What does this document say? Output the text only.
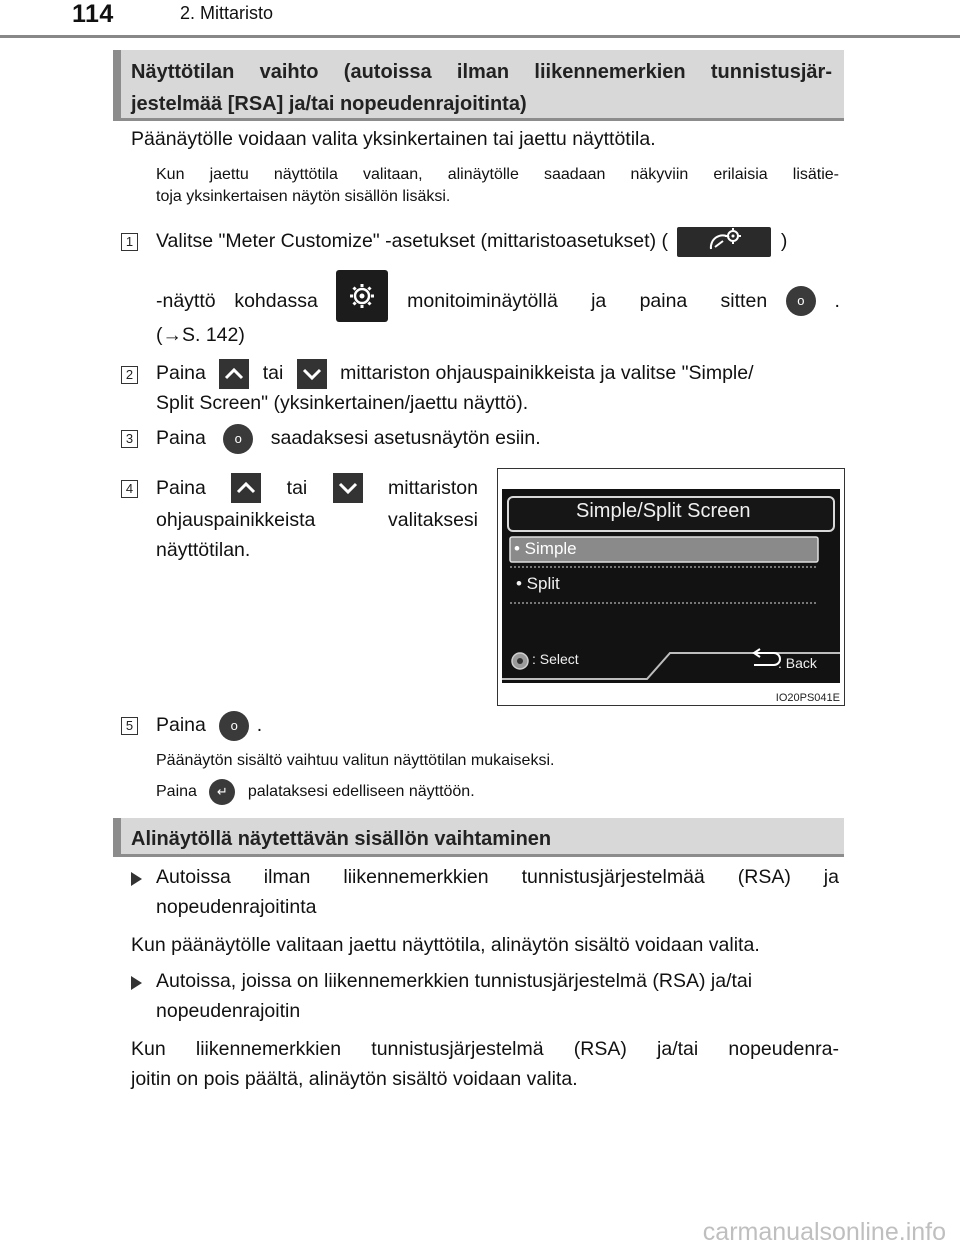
114	2. Mittaristo
Näyttötilan vaihto (autoissa ilman liikennemerkien tunnistusjär-
jestelmää [RSA] ja/tai nopeudenrajoitinta)
Päänäytölle voidaan valita yksinkertainen tai jaettu näyttötila.
Kun jaettu näyttötila valitaan, alinäytölle saadaan näkyviin erilaisia lisätie-
toja yksinkertaisen näytön sisällön lisäksi.
1 Valitse "Meter Customize" -asetukset (mittaristoasetukset) (	)
-näyttö kohdassa	monitoiminäytöllä ja paina sitten	o	.
(→S. 142)
2 Paina	tai	mittariston ohjauspainikkeista ja valitse "Simple/
Split Screen" (yksinkertainen/jaettu näyttö).
3 Paina o saadaksesi asetusnäytön esiin.
4 Paina	tai	mittariston
ohjauspainikkeista valitaksesi
näyttötilan.
Simple/Split Screen
• Simple
• Split
: Select	: Back
IO20PS041E
5 Paina o .
Päänäytön sisältö vaihtuu valitun näyttötilan mukaiseksi.
Paina ↵ palataksesi edelliseen näyttöön.
Alinäytöllä näytettävän sisällön vaihtaminen
Autoissa ilman liikennemerkkien tunnistusjärjestelmää (RSA) ja
nopeudenrajoitinta
Kun päänäytölle valitaan jaettu näyttötila, alinäytön sisältö voidaan valita.
Autoissa, joissa on liikennemerkkien tunnistusjärjestelmä (RSA) ja/tai
nopeudenrajoitin
Kun liikennemerkkien tunnistusjärjestelmä (RSA) ja/tai nopeudenra-
joitin on pois päältä, alinäytön sisältö voidaan valita.
carmanualsonline.info
